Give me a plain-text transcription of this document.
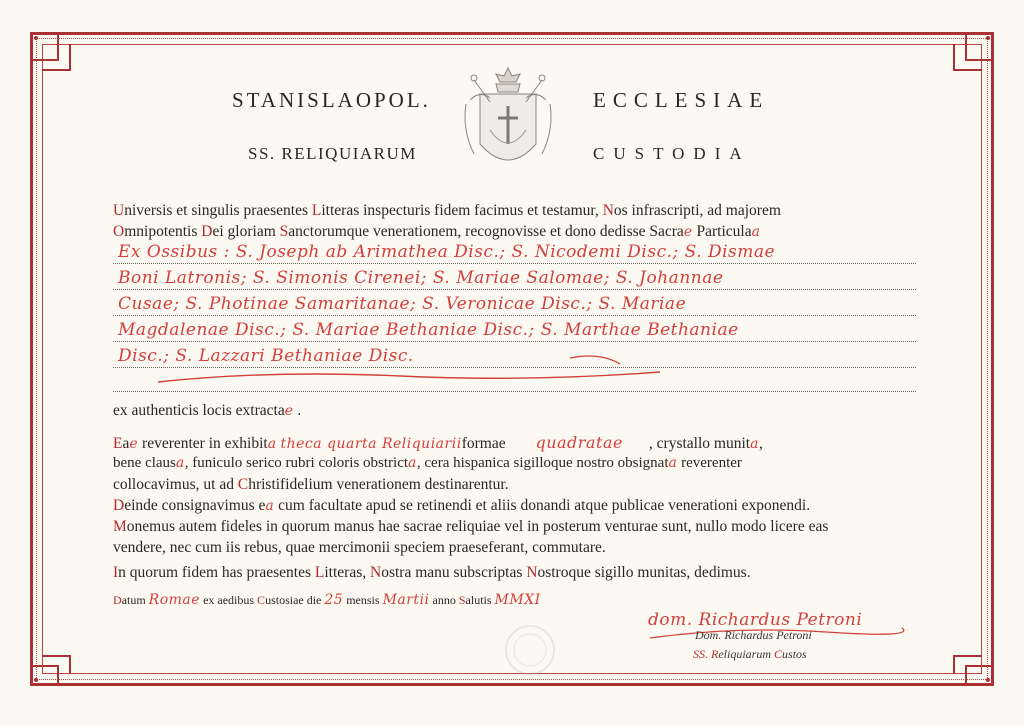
STANISLAOPOL.
SS. RELIQUIARUM
ECCLESIAE
CUSTODIA
Universis et singulis praesentes Litteras inspecturis fidem facimus et testamur, Nos infrascripti, ad majorem
Omnipotentis Dei gloriam Sanctorumque venerationem, recognovisse et dono dedisse Sacrae Particulaa
Ex Ossibus : S. Joseph ab Arimathea Disc.; S. Nicodemi Disc.; S. Dismae
Boni Latronis; S. Simonis Cirenei; S. Mariae Salomae; S. Johannae
Cusae; S. Photinae Samaritanae; S. Veronicae Disc.; S. Mariae
Magdalenae Disc.; S. Mariae Bethaniae Disc.; S. Marthae Bethaniae
Disc.; S. Lazzari Bethaniae Disc.
ex authenticis locis extractae .
Eae reverenter in exhibita theca quarta Reliquiariiformae quadratae , crystallo munita,
bene clausa, funiculo serico rubri coloris obstricta, cera hispanica sigilloque nostro obsignata reverenter
collocavimus, ut ad Christifidelium venerationem destinarentur.
Deinde consignavimus ea cum facultate apud se retinendi et aliis donandi atque publicae venerationi exponendi.
Monemus autem fideles in quorum manus hae sacrae reliquiae vel in posterum venturae sunt, nullo modo licere eas
vendere, nec cum iis rebus, quae mercimonii speciem praeseferant, commutare.
In quorum fidem has praesentes Litteras, Nostra manu subscriptas Nostroque sigillo munitas, dedimus.
Datum Romae ex aedibus Custosiae die 25 mensis Martii anno Salutis MMXI
dom. Richardus Petroni
Dom. Richardus Petroni
SS. Reliquiarum Custos
